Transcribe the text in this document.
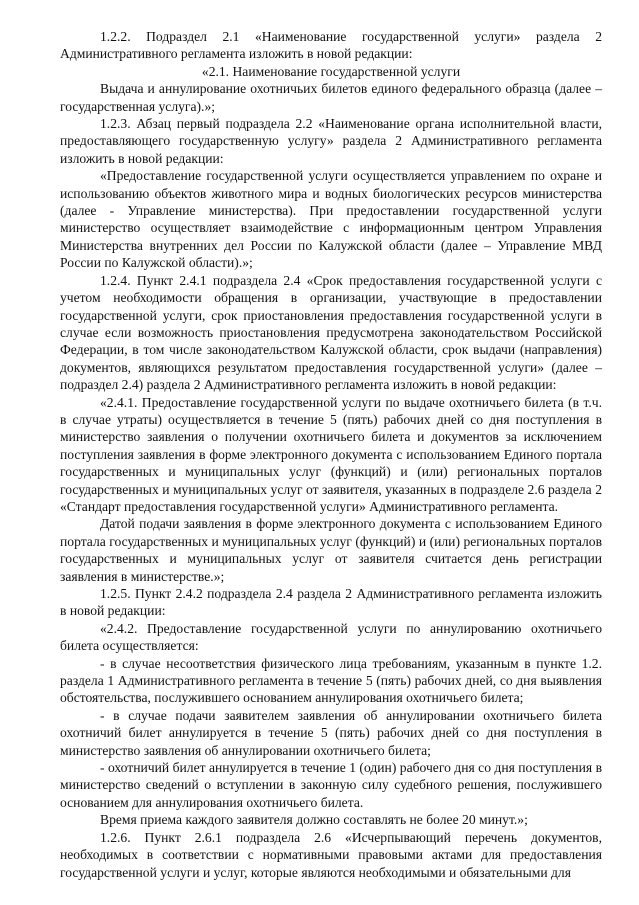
1.2.2. Подраздел 2.1 «Наименование государственной услуги» раздела 2 Административного регламента изложить в новой редакции:

«2.1. Наименование государственной услуги

Выдача и аннулирование охотничьих билетов единого федерального образца (далее – государственная услуга).»;

1.2.3. Абзац первый подраздела 2.2 «Наименование органа исполнительной власти, предоставляющего государственную услугу» раздела 2 Административного регламента изложить в новой редакции:

«Предоставление государственной услуги осуществляется управлением по охране и использованию объектов животного мира и водных биологических ресурсов министерства (далее - Управление министерства). При предоставлении государственной услуги министерство осуществляет взаимодействие с информационным центром Управления Министерства внутренних дел России по Калужской области (далее – Управление МВД России по Калужской области).»;

1.2.4. Пункт 2.4.1 подраздела 2.4 «Срок предоставления государственной услуги с учетом необходимости обращения в организации, участвующие в предоставлении государственной услуги, срок приостановления предоставления государственной услуги в случае если возможность приостановления предусмотрена законодательством Российской Федерации, в том числе законодательством Калужской области, срок выдачи (направления) документов, являющихся результатом предоставления государственной услуги» (далее – подраздел 2.4) раздела 2 Административного регламента изложить в новой редакции:

«2.4.1. Предоставление государственной услуги по выдаче охотничьего билета (в т.ч. в случае утраты) осуществляется в течение 5 (пять) рабочих дней со дня поступления в министерство заявления о получении охотничьего билета и документов за исключением поступления заявления в форме электронного документа с использованием Единого портала государственных и муниципальных услуг (функций) и (или) региональных порталов государственных и муниципальных услуг от заявителя, указанных в подразделе 2.6 раздела 2 «Стандарт предоставления государственной услуги» Административного регламента.

Датой подачи заявления в форме электронного документа с использованием Единого портала государственных и муниципальных услуг (функций) и (или) региональных порталов государственных и муниципальных услуг от заявителя считается день регистрации заявления в министерстве.»;

1.2.5. Пункт 2.4.2 подраздела 2.4 раздела 2 Административного регламента изложить в новой редакции:

«2.4.2. Предоставление государственной услуги по аннулированию охотничьего билета осуществляется:

- в случае несоответствия физического лица требованиям, указанным в пункте 1.2. раздела 1 Административного регламента в течение 5 (пять) рабочих дней, со дня выявления обстоятельства, послужившего основанием аннулирования охотничьего билета;

- в случае подачи заявителем заявления об аннулировании охотничьего билета охотничий билет аннулируется в течение 5 (пять) рабочих дней со дня поступления в министерство заявления об аннулировании охотничьего билета;

- охотничий билет аннулируется в течение 1 (один) рабочего дня со дня поступления в министерство сведений о вступлении в законную силу судебного решения, послужившего основанием для аннулирования охотничьего билета.

Время приема каждого заявителя должно составлять не более 20 минут.»;

1.2.6. Пункт 2.6.1 подраздела 2.6 «Исчерпывающий перечень документов, необходимых в соответствии с нормативными правовыми актами для предоставления государственной услуги и услуг, которые являются необходимыми и обязательными для
